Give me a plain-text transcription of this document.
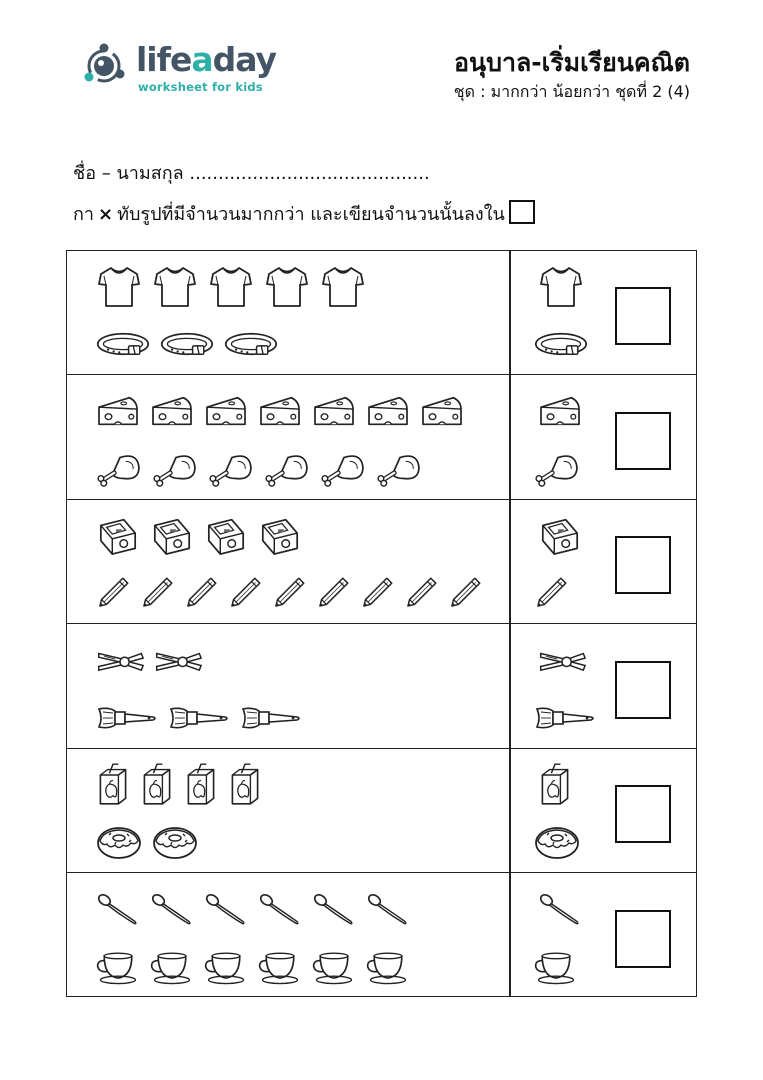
lifeaday
worksheet for kids
อนุบาล-เริ่มเรียนคณิต
ชุด : มากกว่า น้อยกว่า ชุดที่ 2 (4)
ชื่อ – นามสกุล ..........................................
กา × ทับรูปที่มีจำนวนมากกว่า และเขียนจำนวนนั้นลงใน
